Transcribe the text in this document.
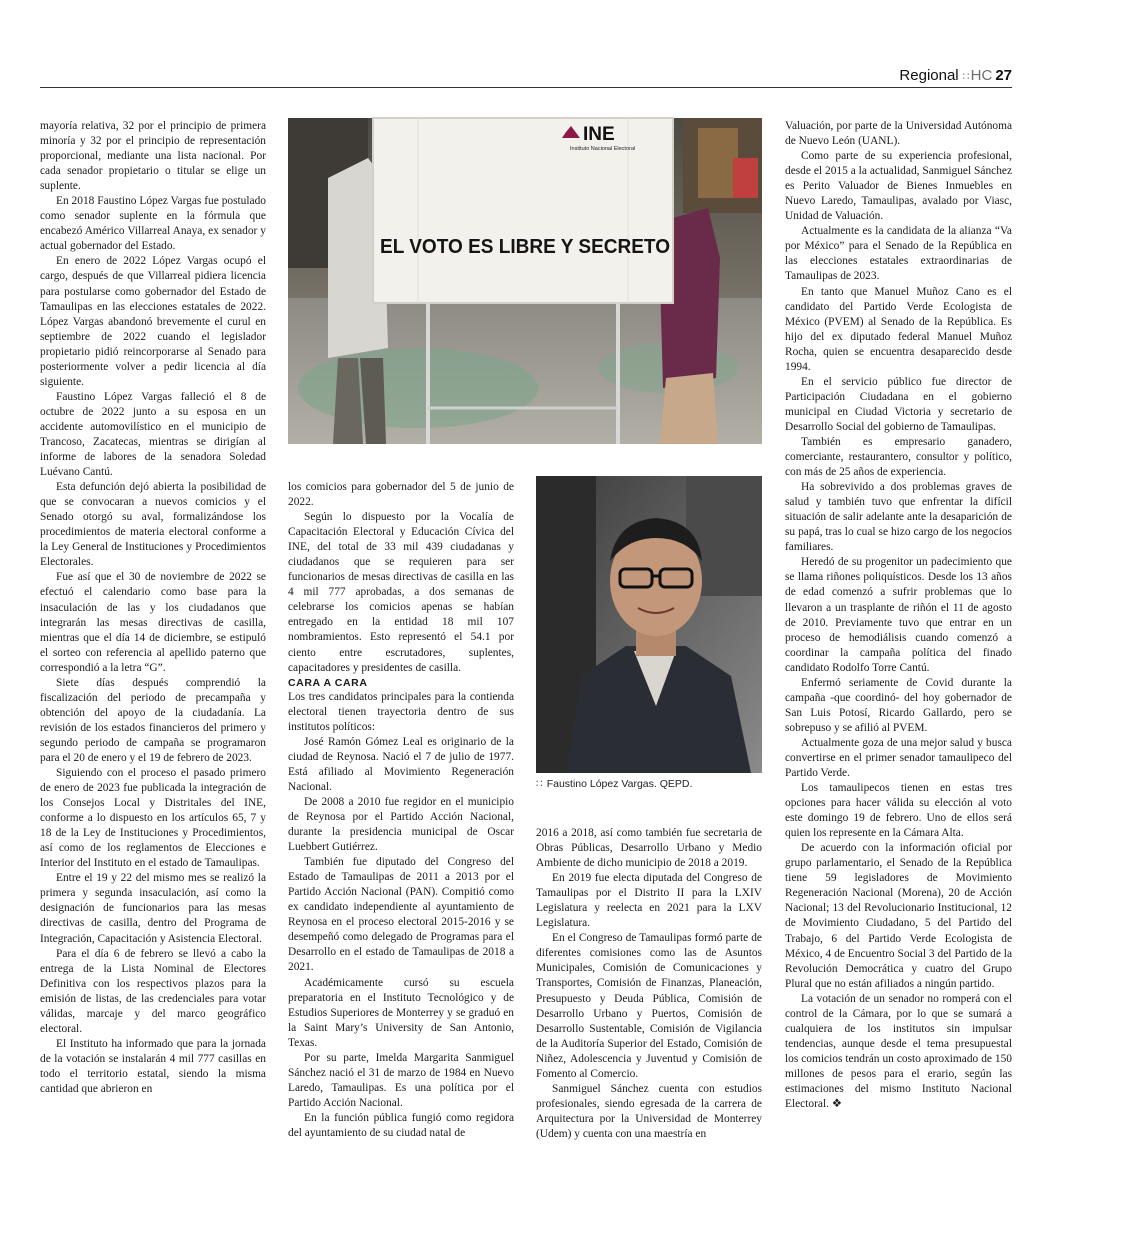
Regional ∷ HC 27

mayoría relativa, 32 por el principio de primera minoría y 32 por el principio de representación proporcional, mediante una lista nacional. Por cada senador propietario o titular se elige un suplente.

En 2018 Faustino López Vargas fue postulado como senador suplente en la fórmula que encabezó Américo Villarreal Anaya, ex senador y actual gobernador del Estado.

En enero de 2022 López Vargas ocupó el cargo, después de que Villarreal pidiera licencia para postularse como gobernador del Estado de Tamaulipas en las elecciones estatales de 2022. López Vargas abandonó brevemente el curul en septiembre de 2022 cuando el legislador propietario pidió reincorporarse al Senado para posteriormente volver a pedir licencia al día siguiente.

Faustino López Vargas falleció el 8 de octubre de 2022 junto a su esposa en un accidente automovilístico en el municipio de Trancoso, Zacatecas, mientras se dirigían al informe de labores de la senadora Soledad Luévano Cantú.

Esta defunción dejó abierta la posibilidad de que se convocaran a nuevos comicios y el Senado otorgó su aval, formalizándose los procedimientos de materia electoral conforme a la Ley General de Instituciones y Procedimientos Electorales.

Fue así que el 30 de noviembre de 2022 se efectuó el calendario como base para la insaculación de las y los ciudadanos que integrarán las mesas directivas de casilla, mientras que el día 14 de diciembre, se estipuló el sorteo con referencia al apellido paterno que correspondió a la letra “G”.

Siete días después comprendió la fiscalización del periodo de precampaña y obtención del apoyo de la ciudadanía. La revisión de los estados financieros del primero y segundo periodo de campaña se programaron para el 20 de enero y el 19 de febrero de 2023.

Siguiendo con el proceso el pasado primero de enero de 2023 fue publicada la integración de los Consejos Local y Distritales del INE, conforme a lo dispuesto en los artículos 65, 7 y 18 de la Ley de Instituciones y Procedimientos, así como de los reglamentos de Elecciones e Interior del Instituto en el estado de Tamaulipas.

Entre el 19 y 22 del mismo mes se realizó la primera y segunda insaculación, así como la designación de funcionarios para las mesas directivas de casilla, dentro del Programa de Integración, Capacitación y Asistencia Electoral.

Para el día 6 de febrero se llevó a cabo la entrega de la Lista Nominal de Electores Definitiva con los respectivos plazos para la emisión de listas, de las credenciales para votar válidas, marcaje y del marco geográfico electoral.

El Instituto ha informado que para la jornada de la votación se instalarán 4 mil 777 casillas en todo el territorio estatal, siendo la misma cantidad que abrieron en

INE
Instituto Nacional Electoral
EL VOTO ES LIBRE Y SECRETO

los comicios para gobernador del 5 de junio de 2022.

Según lo dispuesto por la Vocalía de Capacitación Electoral y Educación Cívica del INE, del total de 33 mil 439 ciudadanas y ciudadanos que se requieren para ser funcionarios de mesas directivas de casilla en las 4 mil 777 aprobadas, a dos semanas de celebrarse los comicios apenas se habían entregado en la entidad 18 mil 107 nombramientos. Esto representó el 54.1 por ciento entre escrutadores, suplentes, capacitadores y presidentes de casilla.

CARA A CARA

Los tres candidatos principales para la contienda electoral tienen trayectoria dentro de sus institutos políticos:

José Ramón Gómez Leal es originario de la ciudad de Reynosa. Nació el 7 de julio de 1977. Está afiliado al Movimiento Regeneración Nacional.

De 2008 a 2010 fue regidor en el municipio de Reynosa por el Partido Acción Nacional, durante la presidencia municipal de Oscar Luebbert Gutiérrez.

También fue diputado del Congreso del Estado de Tamaulipas de 2011 a 2013 por el Partido Acción Nacional (PAN). Compitió como ex candidato independiente al ayuntamiento de Reynosa en el proceso electoral 2015-2016 y se desempeñó como delegado de Programas para el Desarrollo en el estado de Tamaulipas de 2018 a 2021.

Académicamente cursó su escuela preparatoria en el Instituto Tecnológico y de Estudios Superiores de Monterrey y se graduó en la Saint Mary’s University de San Antonio, Texas.

Por su parte, Imelda Margarita Sanmiguel Sánchez nació el 31 de marzo de 1984 en Nuevo Laredo, Tamaulipas. Es una política por el Partido Acción Nacional.

En la función pública fungió como regidora del ayuntamiento de su ciudad natal de

∷ Faustino López Vargas. QEPD.

2016 a 2018, así como también fue secretaria de Obras Públicas, Desarrollo Urbano y Medio Ambiente de dicho municipio de 2018 a 2019.

En 2019 fue electa diputada del Congreso de Tamaulipas por el Distrito II para la LXIV Legislatura y reelecta en 2021 para la LXV Legislatura.

En el Congreso de Tamaulipas formó parte de diferentes comisiones como las de Asuntos Municipales, Comisión de Comunicaciones y Transportes, Comisión de Finanzas, Planeación, Presupuesto y Deuda Pública, Comisión de Desarrollo Urbano y Puertos, Comisión de Desarrollo Sustentable, Comisión de Vigilancia de la Auditoría Superior del Estado, Comisión de Niñez, Adolescencia y Juventud y Comisión de Fomento al Comercio.

Sanmiguel Sánchez cuenta con estudios profesionales, siendo egresada de la carrera de Arquitectura por la Universidad de Monterrey (Udem) y cuenta con una maestría en

Valuación, por parte de la Universidad Autónoma de Nuevo León (UANL).

Como parte de su experiencia profesional, desde el 2015 a la actualidad, Sanmiguel Sánchez es Perito Valuador de Bienes Inmuebles en Nuevo Laredo, Tamaulipas, avalado por Viasc, Unidad de Valuación.

Actualmente es la candidata de la alianza “Va por México” para el Senado de la República en las elecciones estatales extraordinarias de Tamaulipas de 2023.

En tanto que Manuel Muñoz Cano es el candidato del Partido Verde Ecologista de México (PVEM) al Senado de la República. Es hijo del ex diputado federal Manuel Muñoz Rocha, quien se encuentra desaparecido desde 1994.

En el servicio público fue director de Participación Ciudadana en el gobierno municipal en Ciudad Victoria y secretario de Desarrollo Social del gobierno de Tamaulipas.

También es empresario ganadero, comerciante, restaurantero, consultor y político, con más de 25 años de experiencia.

Ha sobrevivido a dos problemas graves de salud y también tuvo que enfrentar la difícil situación de salir adelante ante la desaparición de su papá, tras lo cual se hizo cargo de los negocios familiares.

Heredó de su progenitor un padecimiento que se llama riñones poliquísticos. Desde los 13 años de edad comenzó a sufrir problemas que lo llevaron a un trasplante de riñón el 11 de agosto de 2010. Previamente tuvo que entrar en un proceso de hemodiálisis cuando comenzó a coordinar la campaña política del finado candidato Rodolfo Torre Cantú.

Enfermó seriamente de Covid durante la campaña -que coordinó- del hoy gobernador de San Luis Potosí, Ricardo Gallardo, pero se sobrepuso y se afilió al PVEM.

Actualmente goza de una mejor salud y busca convertirse en el primer senador tamaulipeco del Partido Verde.

Los tamaulipecos tienen en estas tres opciones para hacer válida su elección al voto este domingo 19 de febrero. Uno de ellos será quien los represente en la Cámara Alta.

De acuerdo con la información oficial por grupo parlamentario, el Senado de la República tiene 59 legisladores de Movimiento Regeneración Nacional (Morena), 20 de Acción Nacional; 13 del Revolucionario Institucional, 12 de Movimiento Ciudadano, 5 del Partido del Trabajo, 6 del Partido Verde Ecologista de México, 4 de Encuentro Social 3 del Partido de la Revolución Democrática y cuatro del Grupo Plural que no están afiliados a ningún partido.

La votación de un senador no romperá con el control de la Cámara, por lo que se sumará a cualquiera de los institutos sin impulsar tendencias, aunque desde el tema presupuestal los comicios tendrán un costo aproximado de 150 millones de pesos para el erario, según las estimaciones del mismo Instituto Nacional Electoral. ❖
